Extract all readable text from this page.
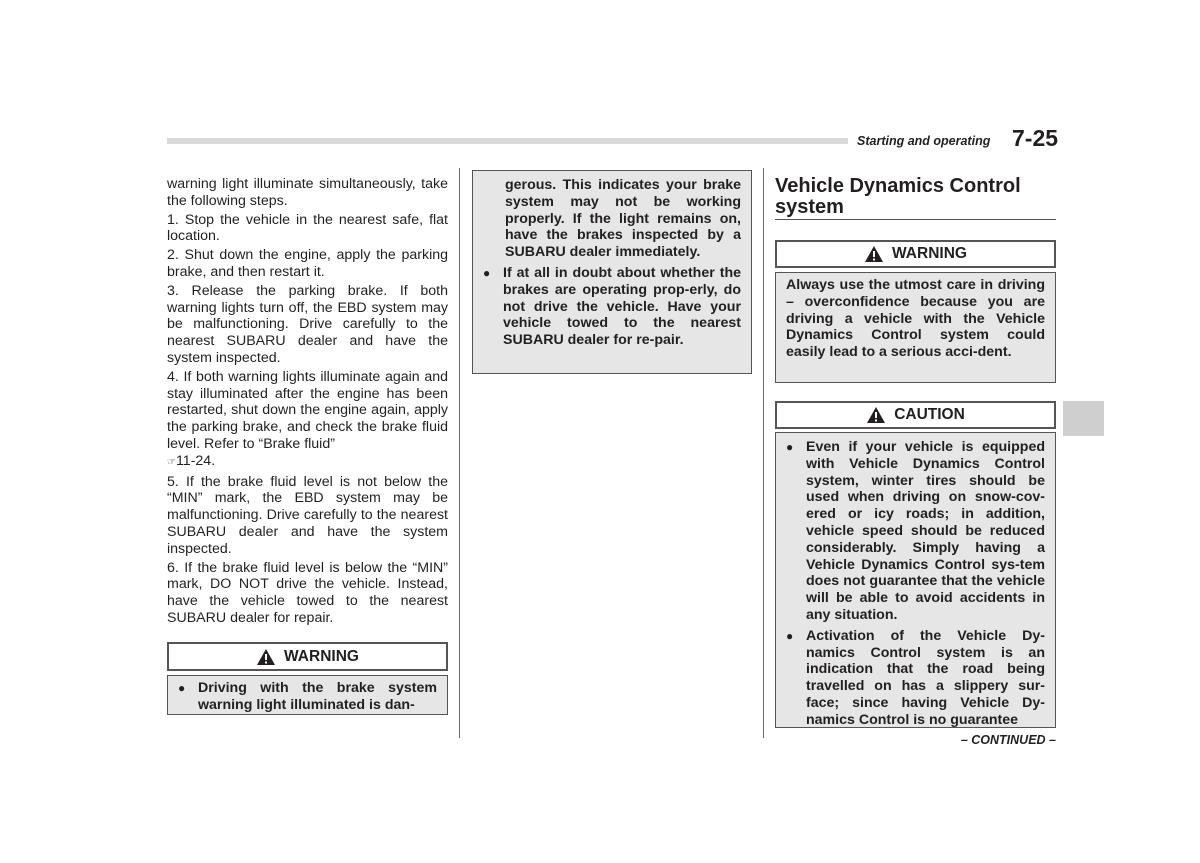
Starting and operating 7-25

warning light illuminate simultaneously, take the following steps.

1. Stop the vehicle in the nearest safe, flat location.

2. Shut down the engine, apply the parking brake, and then restart it.

3. Release the parking brake. If both warning lights turn off, the EBD system may be malfunctioning. Drive carefully to the nearest SUBARU dealer and have the system inspected.

4. If both warning lights illuminate again and stay illuminated after the engine has been restarted, shut down the engine again, apply the parking brake, and check the brake fluid level. Refer to “Brake fluid”
☞11-24.

5. If the brake fluid level is not below the “MIN” mark, the EBD system may be malfunctioning. Drive carefully to the nearest SUBARU dealer and have the system inspected.

6. If the brake fluid level is below the “MIN” mark, DO NOT drive the vehicle. Instead, have the vehicle towed to the nearest SUBARU dealer for repair.

WARNING
● Driving with the brake system warning light illuminated is dan-
gerous. This indicates your brake system may not be working properly. If the light remains on, have the brakes inspected by a SUBARU dealer immediately.
● If at all in doubt about whether the brakes are operating prop-erly, do not drive the vehicle. Have your vehicle towed to the nearest SUBARU dealer for re-pair.
Vehicle Dynamics Control system
WARNING
Always use the utmost care in driving – overconfidence because you are driving a vehicle with the Vehicle Dynamics Control system could easily lead to a serious acci-dent.
CAUTION
● Even if your vehicle is equipped with Vehicle Dynamics Control system, winter tires should be used when driving on snow-cov-ered or icy roads; in addition, vehicle speed should be reduced considerably. Simply having a Vehicle Dynamics Control sys-tem does not guarantee that the vehicle will be able to avoid accidents in any situation.
● Activation of the Vehicle Dy-namics Control system is an indication that the road being travelled on has a slippery sur-face; since having Vehicle Dy-namics Control is no guarantee
– CONTINUED –
